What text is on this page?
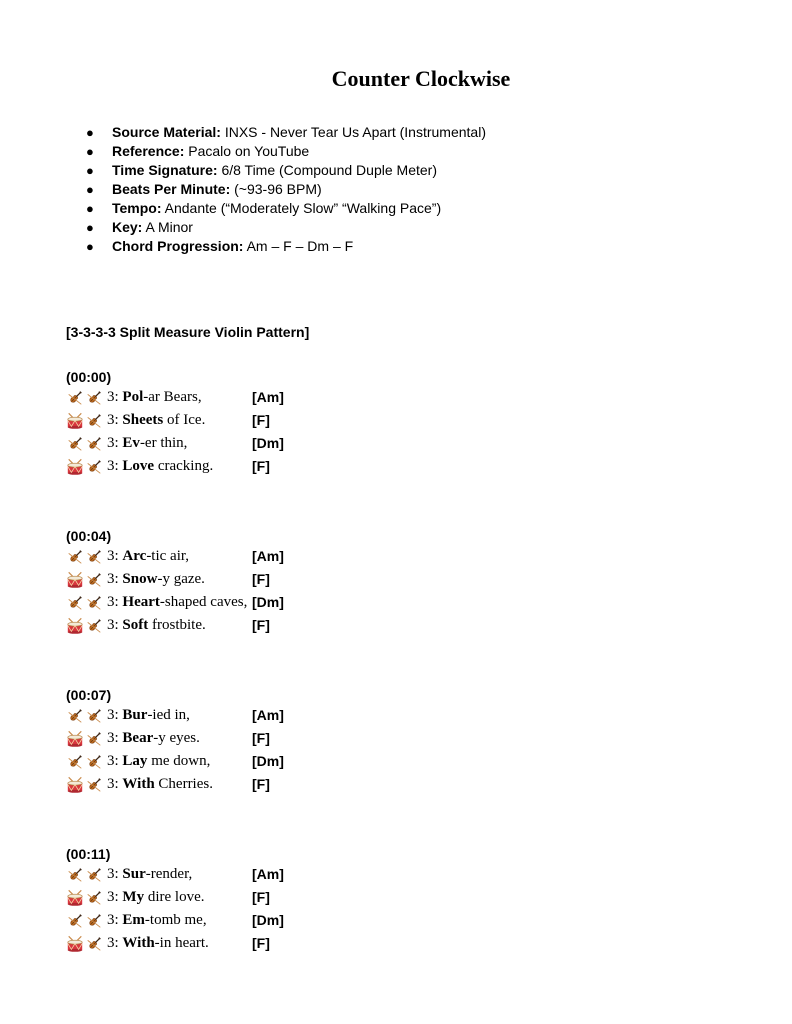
Counter Clockwise
● Source Material: INXS - Never Tear Us Apart (Instrumental)
● Reference: Pacalo on YouTube
● Time Signature: 6/8 Time (Compound Duple Meter)
● Beats Per Minute: (~93-96 BPM)
● Tempo: Andante (“Moderately Slow” “Walking Pace”)
● Key: A Minor
● Chord Progression: Am – F – Dm – F
[3-3-3-3 Split Measure Violin Pattern]
(00:00)
3: Pol-ar Bears,	[Am]
3: Sheets of Ice.	[F]
3: Ev-er thin,	[Dm]
3: Love cracking.	[F]
(00:04)
3: Arc-tic air,	[Am]
3: Snow-y gaze.	[F]
3: Heart-shaped caves, [Dm]
3: Soft frostbite.	[F]
(00:07)
3: Bur-ied in,	[Am]
3: Bear-y eyes.	[F]
3: Lay me down,	[Dm]
3: With Cherries.	[F]
(00:11)
3: Sur-render,	[Am]
3: My dire love.	[F]
3: Em-tomb me,	[Dm]
3: With-in heart.	[F]
